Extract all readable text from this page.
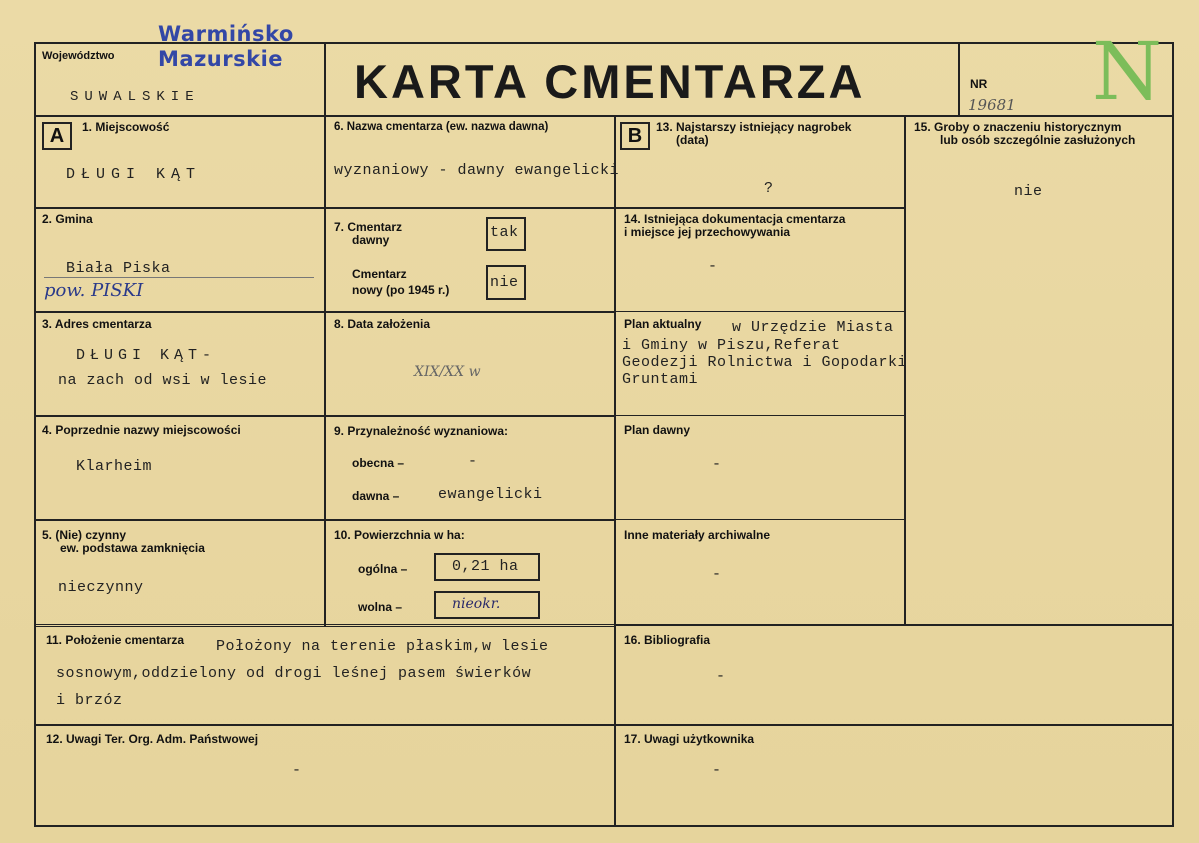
Województwo
Warmińsko
Mazurskie
SUWALSKIE	KARTA CMENTARZA	NR
19681 N
A	1. Miejscowość
DŁUGI KĄT
2. Gmina
Biała Piska
pow. PISKI
3. Adres cmentarza
DŁUGI KĄT-
na zach od wsi w lesie
4. Poprzednie nazwy miejscowości
Klarheim
5. (Nie) czynny
ew. podstawa zamknięcia
nieczynny
6. Nazwa cmentarza (ew. nazwa dawna)
wyznaniowy - dawny ewangelicki
7. Cmentarz
dawny	tak
Cmentarz
nowy (po 1945 r.)	nie
8. Data założenia
XIX/XX w
9. Przynależność wyznaniowa:
obecna –	-
dawna –	ewangelicki
10. Powierzchnia w ha:
ogólna –	0,21 ha
wolna –	nieokr.
B	13. Najstarszy istniejący nagrobek
(data)
?
14. Istniejąca dokumentacja cmentarza
i miejsce jej przechowywania
-
Plan aktualny w Urzędzie Miasta
i Gminy w Piszu,Referat
Geodezji Rolnictwa i Gopodarki
Gruntami
Plan dawny
-
Inne materiały archiwalne
-
15. Groby o znaczeniu historycznym
lub osób szczególnie zasłużonych
nie
11. Położenie cmentarza Położony na terenie płaskim,w lesie
sosnowym,oddzielony od drogi leśnej pasem świerków
i brzóz
16. Bibliografia
-
12. Uwagi Ter. Org. Adm. Państwowej
-
17. Uwagi użytkownika
-
